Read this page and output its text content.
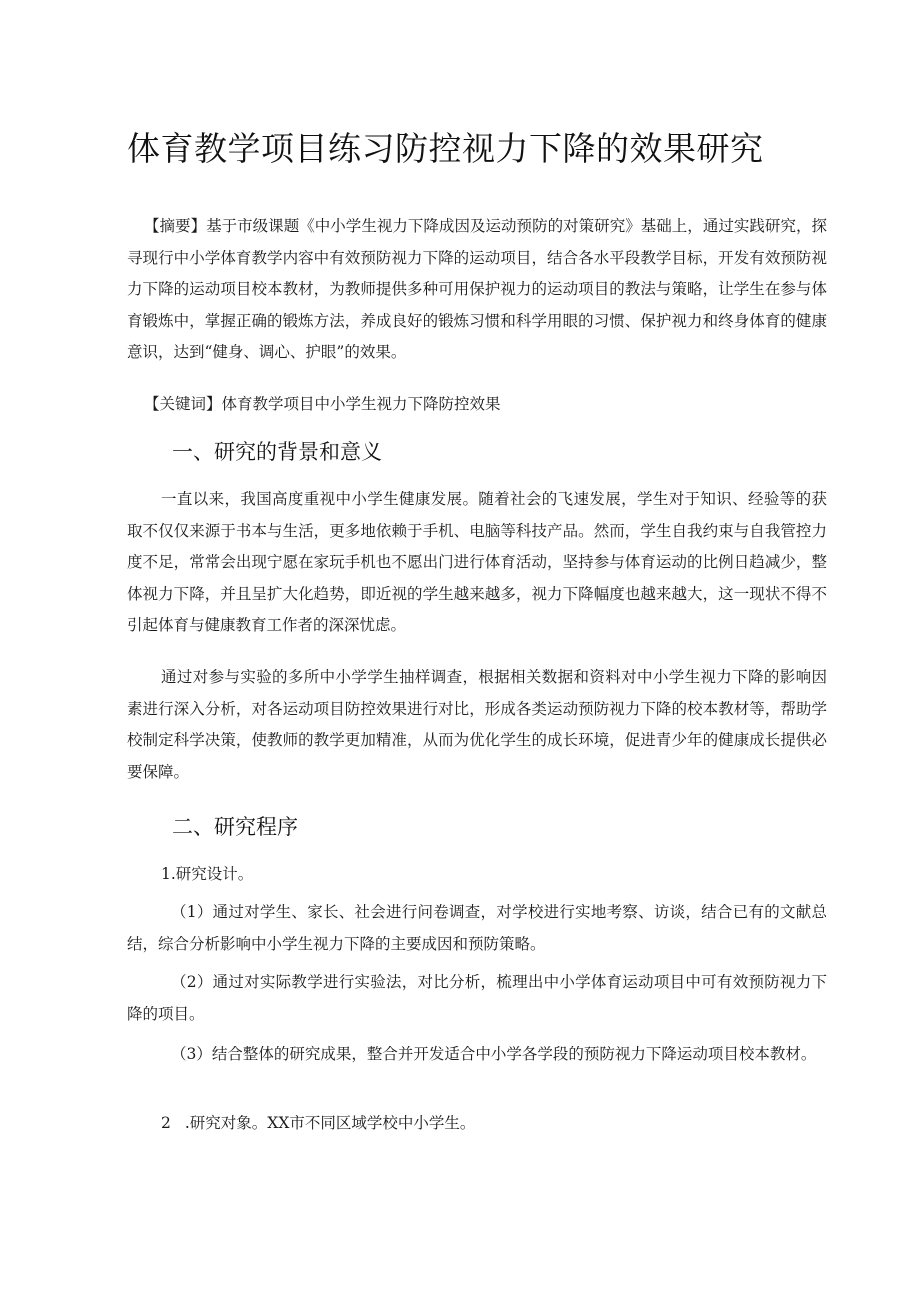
体育教学项目练习防控视力下降的效果研究

【摘要】基于市级课题《中小学生视力下降成因及运动预防的对策研究》基础上，通过实践研究，探寻现行中小学体育教学内容中有效预防视力下降的运动项目，结合各水平段教学目标，开发有效预防视力下降的运动项目校本教材，为教师提供多种可用保护视力的运动项目的教法与策略，让学生在参与体育锻炼中，掌握正确的锻炼方法，养成良好的锻炼习惯和科学用眼的习惯、保护视力和终身体育的健康意识，达到“健身、调心、护眼”的效果。

【关键词】体育教学项目中小学生视力下降防控效果

一、研究的背景和意义

一直以来，我国高度重视中小学生健康发展。随着社会的飞速发展，学生对于知识、经验等的获取不仅仅来源于书本与生活，更多地依赖于手机、电脑等科技产品。然而，学生自我约束与自我管控力度不足，常常会出现宁愿在家玩手机也不愿出门进行体育活动，坚持参与体育运动的比例日趋减少，整体视力下降，并且呈扩大化趋势，即近视的学生越来越多，视力下降幅度也越来越大，这一现状不得不引起体育与健康教育工作者的深深忧虑。

通过对参与实验的多所中小学学生抽样调查，根据相关数据和资料对中小学生视力下降的影响因素进行深入分析，对各运动项目防控效果进行对比，形成各类运动预防视力下降的校本教材等，帮助学校制定科学决策，使教师的教学更加精准，从而为优化学生的成长环境，促进青少年的健康成长提供必要保障。

二、研究程序

1.研究设计。

（1）通过对学生、家长、社会进行问卷调查，对学校进行实地考察、访谈，结合已有的文献总结，综合分析影响中小学生视力下降的主要成因和预防策略。

（2）通过对实际教学进行实验法，对比分析，梳理出中小学体育运动项目中可有效预防视力下降的项目。

（3）结合整体的研究成果，整合并开发适合中小学各学段的预防视力下降运动项目校本教材。

2 .研究对象。XX市不同区域学校中小学生。
